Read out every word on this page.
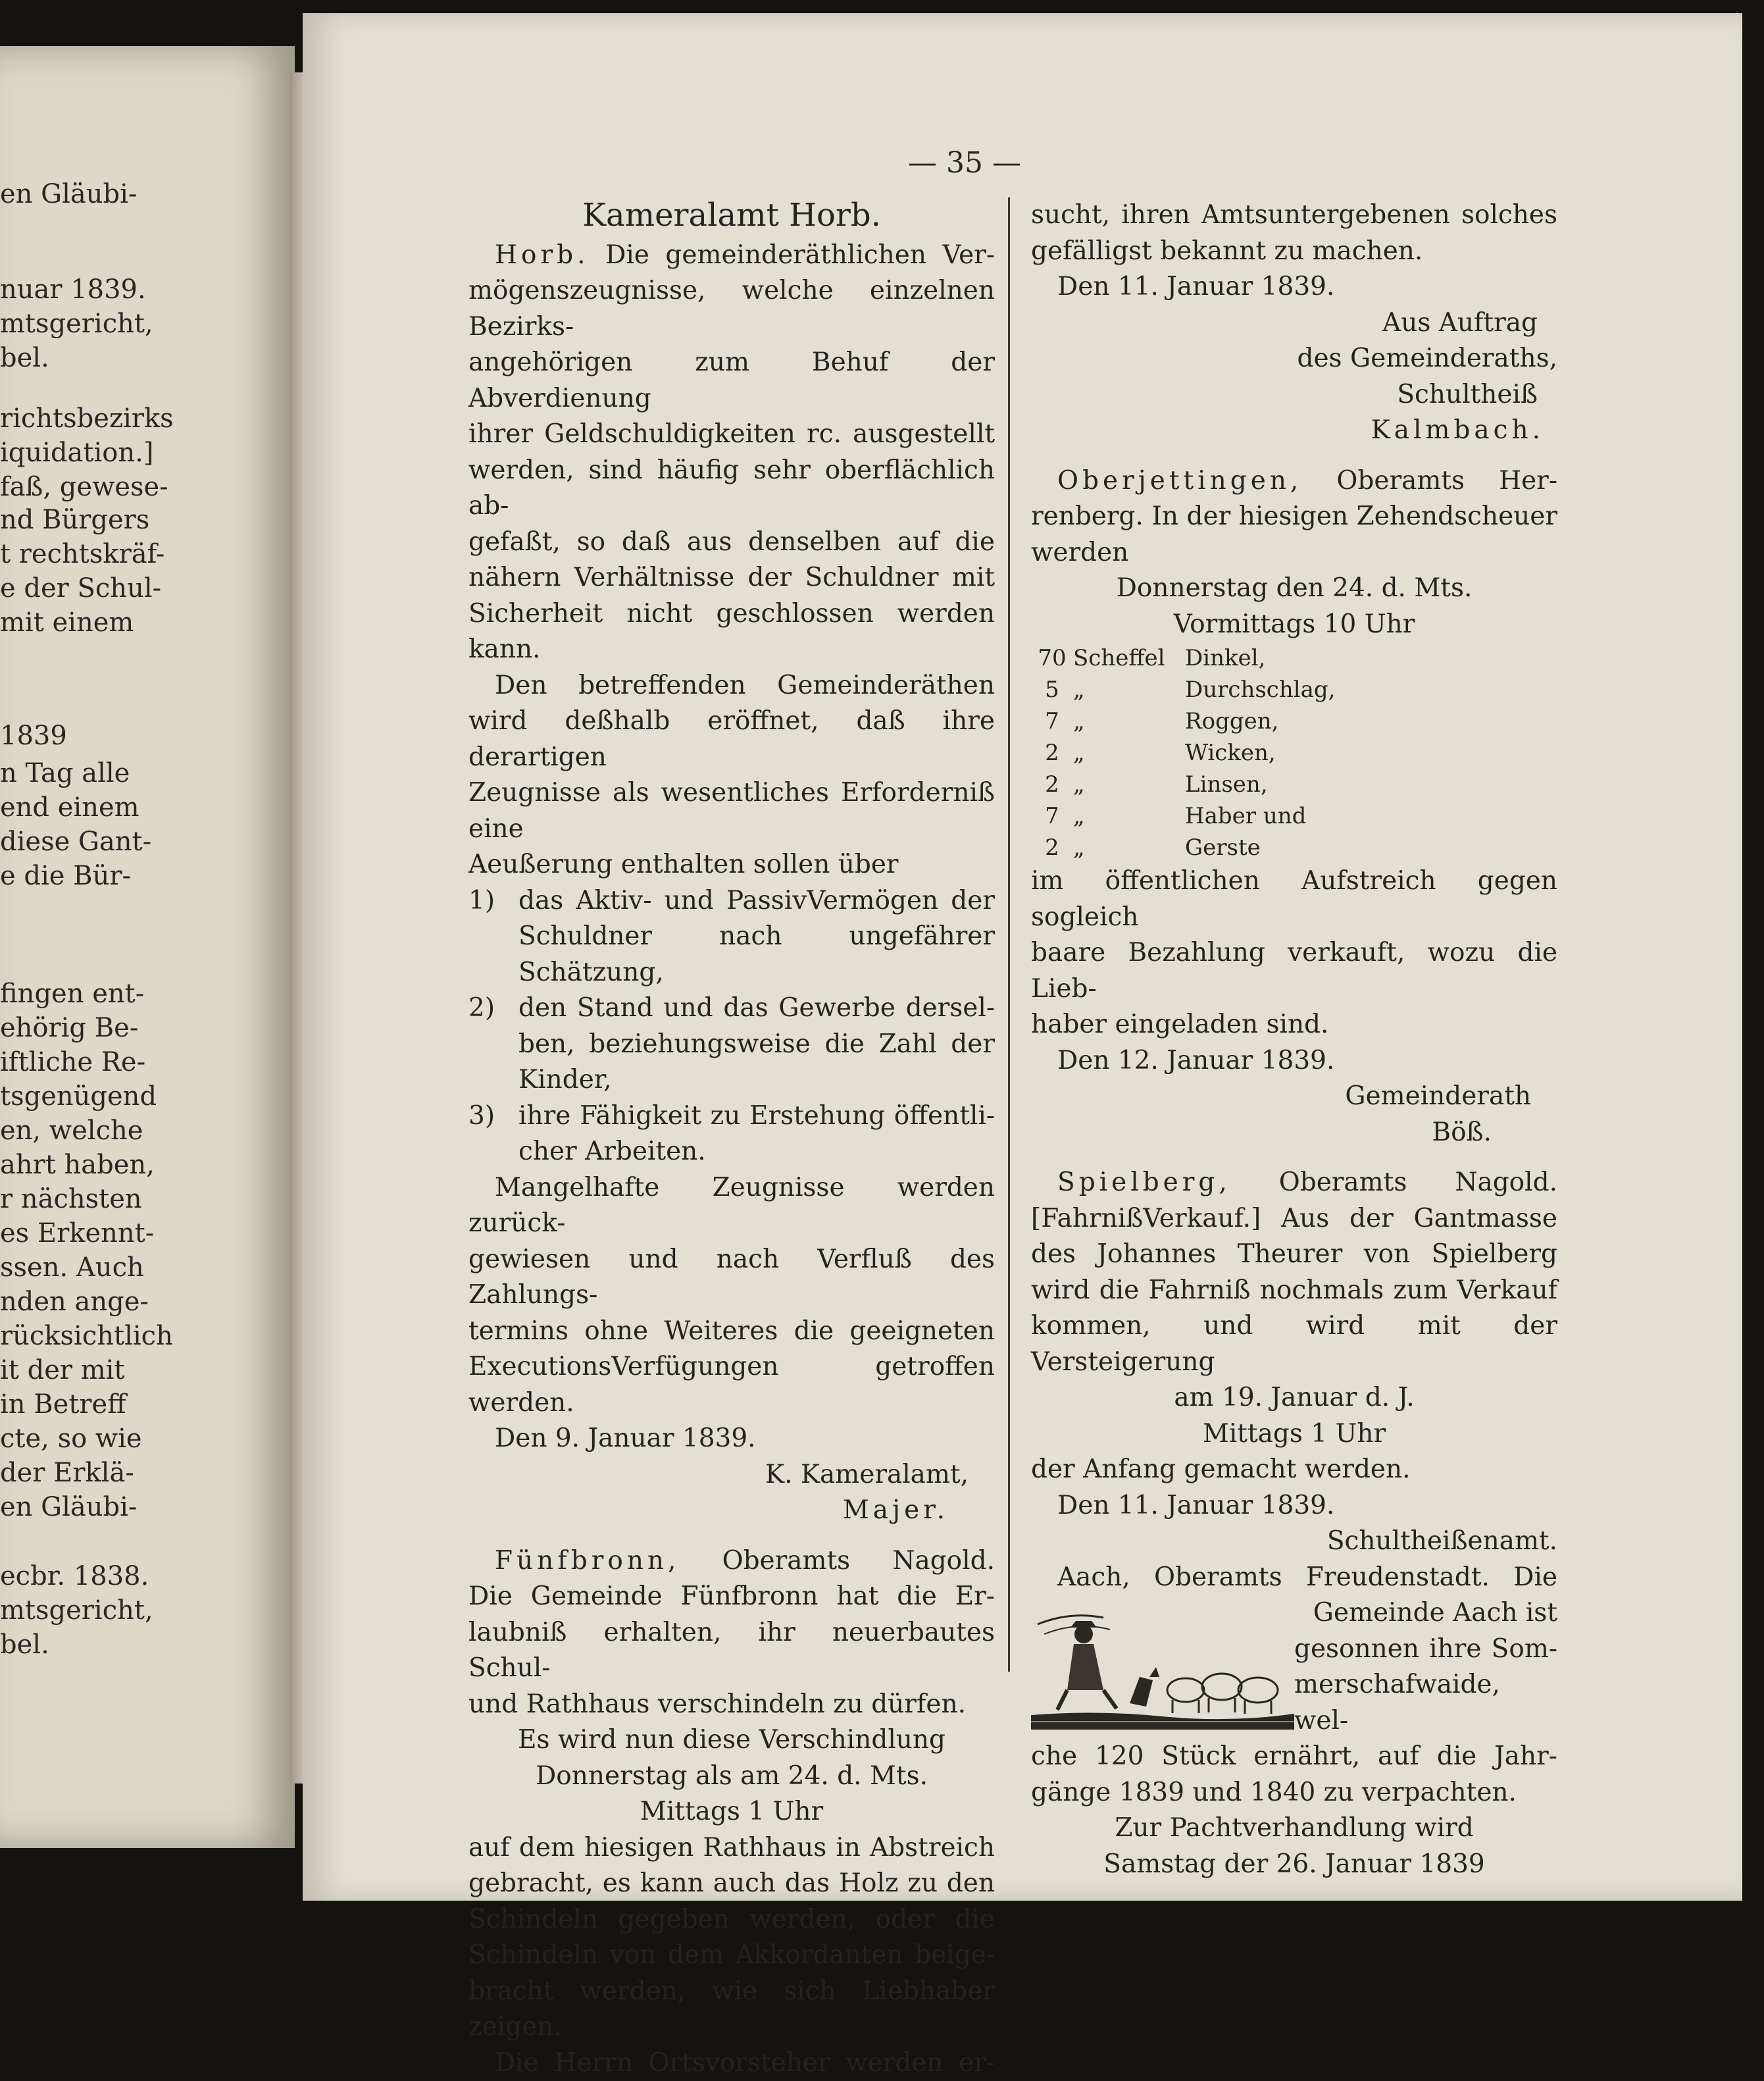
en Gläubi-
nuar 1839.
mtsgericht,
bel.
richtsbezirks
iquidation.]
faß, gewese-
nd Bürgers
t rechtskräf-
e der Schul-
mit einem
1839
n Tag alle
end einem
diese Gant-
e die Bür-
fingen ent-
ehörig Be-
iftliche Re-
tsgenügend
en, welche
ahrt haben,
r nächsten
es Erkennt-
ssen. Auch
nden ange-
rücksichtlich
it der mit
in Betreff
cte, so wie
der Erklä-
en Gläubi-
ecbr. 1838.
mtsgericht,
bel.
— 35 —

Kameralamt Horb.

Horb. Die gemeinderäthlichen Ver-

mögenszeugnisse, welche einzelnen Bezirks-

angehörigen zum Behuf der Abverdienung

ihrer Geldschuldigkeiten rc. ausgestellt

werden, sind häufig sehr oberflächlich ab-

gefaßt, so daß aus denselben auf die

nähern Verhältnisse der Schuldner mit

Sicherheit nicht geschlossen werden kann.

Den betreffenden Gemeinderäthen

wird deßhalb eröffnet, daß ihre derartigen

Zeugnisse als wesentliches Erforderniß eine

Aeußerung enthalten sollen über

1) das Aktiv- und PassivVermögen der

Schuldner nach ungefährer Schätzung,

2) den Stand und das Gewerbe dersel-

ben, beziehungsweise die Zahl der

Kinder,

3) ihre Fähigkeit zu Erstehung öffentli-

cher Arbeiten.

Mangelhafte Zeugnisse werden zurück-

gewiesen und nach Verfluß des Zahlungs-

termins ohne Weiteres die geeigneten

ExecutionsVerfügungen getroffen werden.

Den 9. Januar 1839.

K. Kameralamt,

Majer.

Fünfbronn, Oberamts Nagold.

Die Gemeinde Fünfbronn hat die Er-

laubniß erhalten, ihr neuerbautes Schul-

und Rathhaus verschindeln zu dürfen.

Es wird nun diese Verschindlung

Donnerstag als am 24. d. Mts.

Mittags 1 Uhr

auf dem hiesigen Rathhaus in Abstreich

gebracht, es kann auch das Holz zu den

Schindeln gegeben werden, oder die

Schindeln von dem Akkordanten beige-

bracht werden, wie sich Liebhaber zeigen.

Die Herrn Ortsvorsteher werden er-

sucht, ihren Amtsuntergebenen solches

gefälligst bekannt zu machen.

Den 11. Januar 1839.

Aus Auftrag

des Gemeinderaths,

Schultheiß

Kalmbach.

Oberjettingen, Oberamts Her-

renberg. In der hiesigen Zehendscheuer

werden

Donnerstag den 24. d. Mts.

Vormittags 10 Uhr

70	Scheffel	Dinkel,
5	„	Durchschlag,
7	„	Roggen,
2	„	Wicken,
2	„	Linsen,
7	„	Haber und
2	„	Gerste

im öffentlichen Aufstreich gegen sogleich

baare Bezahlung verkauft, wozu die Lieb-

haber eingeladen sind.

Den 12. Januar 1839.

Gemeinderath

Böß.

Spielberg, Oberamts Nagold.

[FahrnißVerkauf.] Aus der Gantmasse

des Johannes Theurer von Spielberg

wird die Fahrniß nochmals zum Verkauf

kommen, und wird mit der Versteigerung

am 19. Januar d. J.

Mittags 1 Uhr

der Anfang gemacht werden.

Den 11. Januar 1839.

Schultheißenamt.

Aach, Oberamts Freudenstadt. Die

Gemeinde Aach ist

gesonnen ihre Som-

merschafwaide, wel-

che 120 Stück ernährt, auf die Jahr-

gänge 1839 und 1840 zu verpachten.

Zur Pachtverhandlung wird

Samstag der 26. Januar 1839
